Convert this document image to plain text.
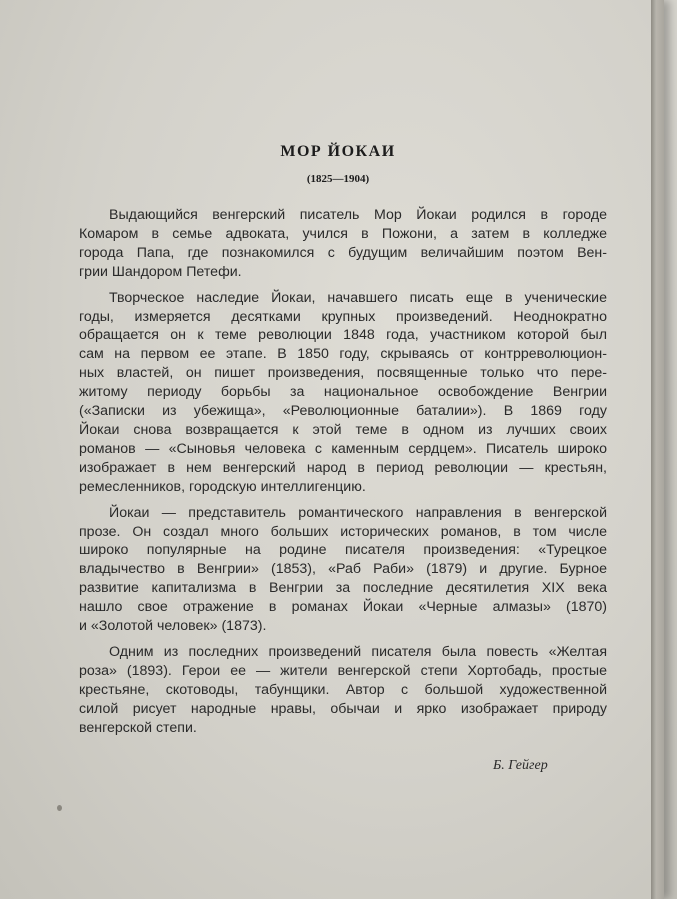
МОР ЙОКАИ
(1825—1904)

Выдающийся венгерский писатель Мор Йокаи родился в городе
Комаром в семье адвоката, учился в Пожони, а затем в колледже
города Папа, где познакомился с будущим величайшим поэтом Вен-
грии Шандором Петефи.

Творческое наследие Йокаи, начавшего писать еще в ученические
годы, измеряется десятками крупных произведений. Неоднократно
обращается он к теме революции 1848 года, участником которой был
сам на первом ее этапе. В 1850 году, скрываясь от контрреволюцион-
ных властей, он пишет произведения, посвященные только что пере-
житому периоду борьбы за национальное освобождение Венгрии
(«Записки из убежища», «Революционные баталии»). В 1869 году
Йокаи снова возвращается к этой теме в одном из лучших своих
романов — «Сыновья человека с каменным сердцем». Писатель широко
изображает в нем венгерский народ в период революции — крестьян,
ремесленников, городскую интеллигенцию.

Йокаи — представитель романтического направления в венгерской
прозе. Он создал много больших исторических романов, в том числе
широко популярные на родине писателя произведения: «Турецкое
владычество в Венгрии» (1853), «Раб Раби» (1879) и другие. Бурное
развитие капитализма в Венгрии за последние десятилетия XIX века
нашло свое отражение в романах Йокаи «Черные алмазы» (1870)
и «Золотой человек» (1873).

Одним из последних произведений писателя была повесть «Желтая
роза» (1893). Герои ее — жители венгерской степи Хортобадь, простые
крестьяне, скотоводы, табунщики. Автор с большой художественной
силой рисует народные нравы, обычаи и ярко изображает природу
венгерской степи.

Б. Гейгер
